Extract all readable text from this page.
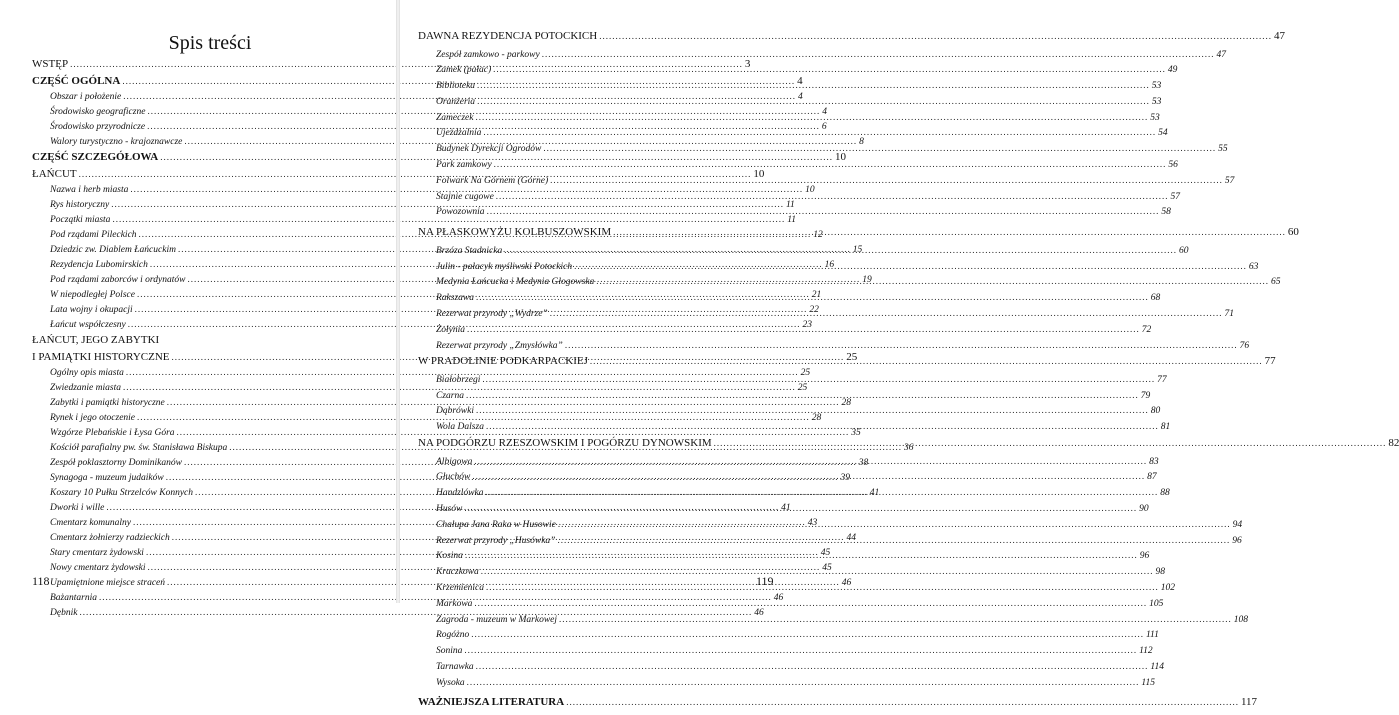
Spis treści
WSTĘP .....	3
CZĘŚĆ OGÓLNA .....	4
Obszar i położenie .....	4
Środowisko geograficzne .....	4
Środowisko przyrodnicze .....	6
Walory turystyczno - krajoznawcze .....	8
CZĘŚĆ SZCZEGÓŁOWA .....	10
ŁAŃCUT .....	10
Nazwa i herb miasta .....	10
Rys historyczny .....	11
Początki miasta .....	11
Pod rządami Pileckich .....	12
Dziedzic zw. Diablem Łańcuckim .....	15
Rezydencja Lubomirskich .....	16
Pod rządami zaborców i ordynatów .....	19
W niepodległej Polsce .....	21
Lata wojny i okupacji .....	22
Łańcut współczesny .....	23
ŁAŃCUT, JEGO ZABYTKI
I PAMIĄTKI HISTORYCZNE .....	25
Ogólny opis miasta .....	25
Zwiedzanie miasta .....	25
Zabytki i pamiątki historyczne .....	28
Rynek i jego otoczenie .....	28
Wzgórze Plebańskie i Łysa Góra .....	35
Kościół parafialny pw. św. Stanisława Biskupa .....	36
Zespół poklasztorny Dominikanów .....	38
Synagoga - muzeum judaików .....	39
Koszary 10 Pułku Strzelców Konnych .....	41
Dworki i wille .....	41
Cmentarz komunalny .....	43
Cmentarz żołnierzy radzieckich .....	44
Stary cmentarz żydowski .....	45
Nowy cmentarz żydowski .....	45
Upamiętnione miejsce straceń .....	46
Bażantarnia .....	46
Dębnik .....	46
118
DAWNA REZYDENCJA POTOCKICH .....	47
Zespół zamkowo - parkowy .....	47
Zamek (pałac) .....	49
Biblioteka .....	53
Oranżeria .....	53
Zameczek .....	53
Ujeżdżalnia .....	54
Budynek Dyrekcji Ogrodów .....	55
Park zamkowy .....	56
Folwark Na Górnem (Górne) .....	57
Stajnie cugowe .....	57
Powozownia .....	58
NA PŁASKOWYŻU KOLBUSZOWSKIM .....	60
Brzóza Stadnicka .....	60
Julin - pałacyk myśliwski Potockich .....	63
Medynia Łańcucka i Medynia Głogowska .....	65
Rakszawa .....	68
Rezerwat przyrody „Wydrze” .....	71
Żołynia .....	72
Rezerwat przyrody „Zmysłówka” .....	76
W PRADOLINIE PODKARPACKIEJ .....	77
Białobrzegi .....	77
Czarna .....	79
Dąbrówki .....	80
Wola Dalsza .....	81
NA PODGÓRZU RZESZOWSKIM I POGÓRZU DYNOWSKIM .....	82
Albigowa .....	83
Głuchów .....	87
Handzlówka .....	88
Husów .....	90
Chałupa Jana Raka w Husowie .....	94
Rezerwat przyrody „Husówka” .....	96
Kosina .....	96
Kraczkowa .....	98
Krzemienica .....	102
Markowa .....	105
Zagroda - muzeum w Markowej .....	108
Rogóżno .....	111
Sonina .....	112
Tarnawka .....	114
Wysoka .....	115
WAŻNIEJSZA LITERATURA .....	117
119
